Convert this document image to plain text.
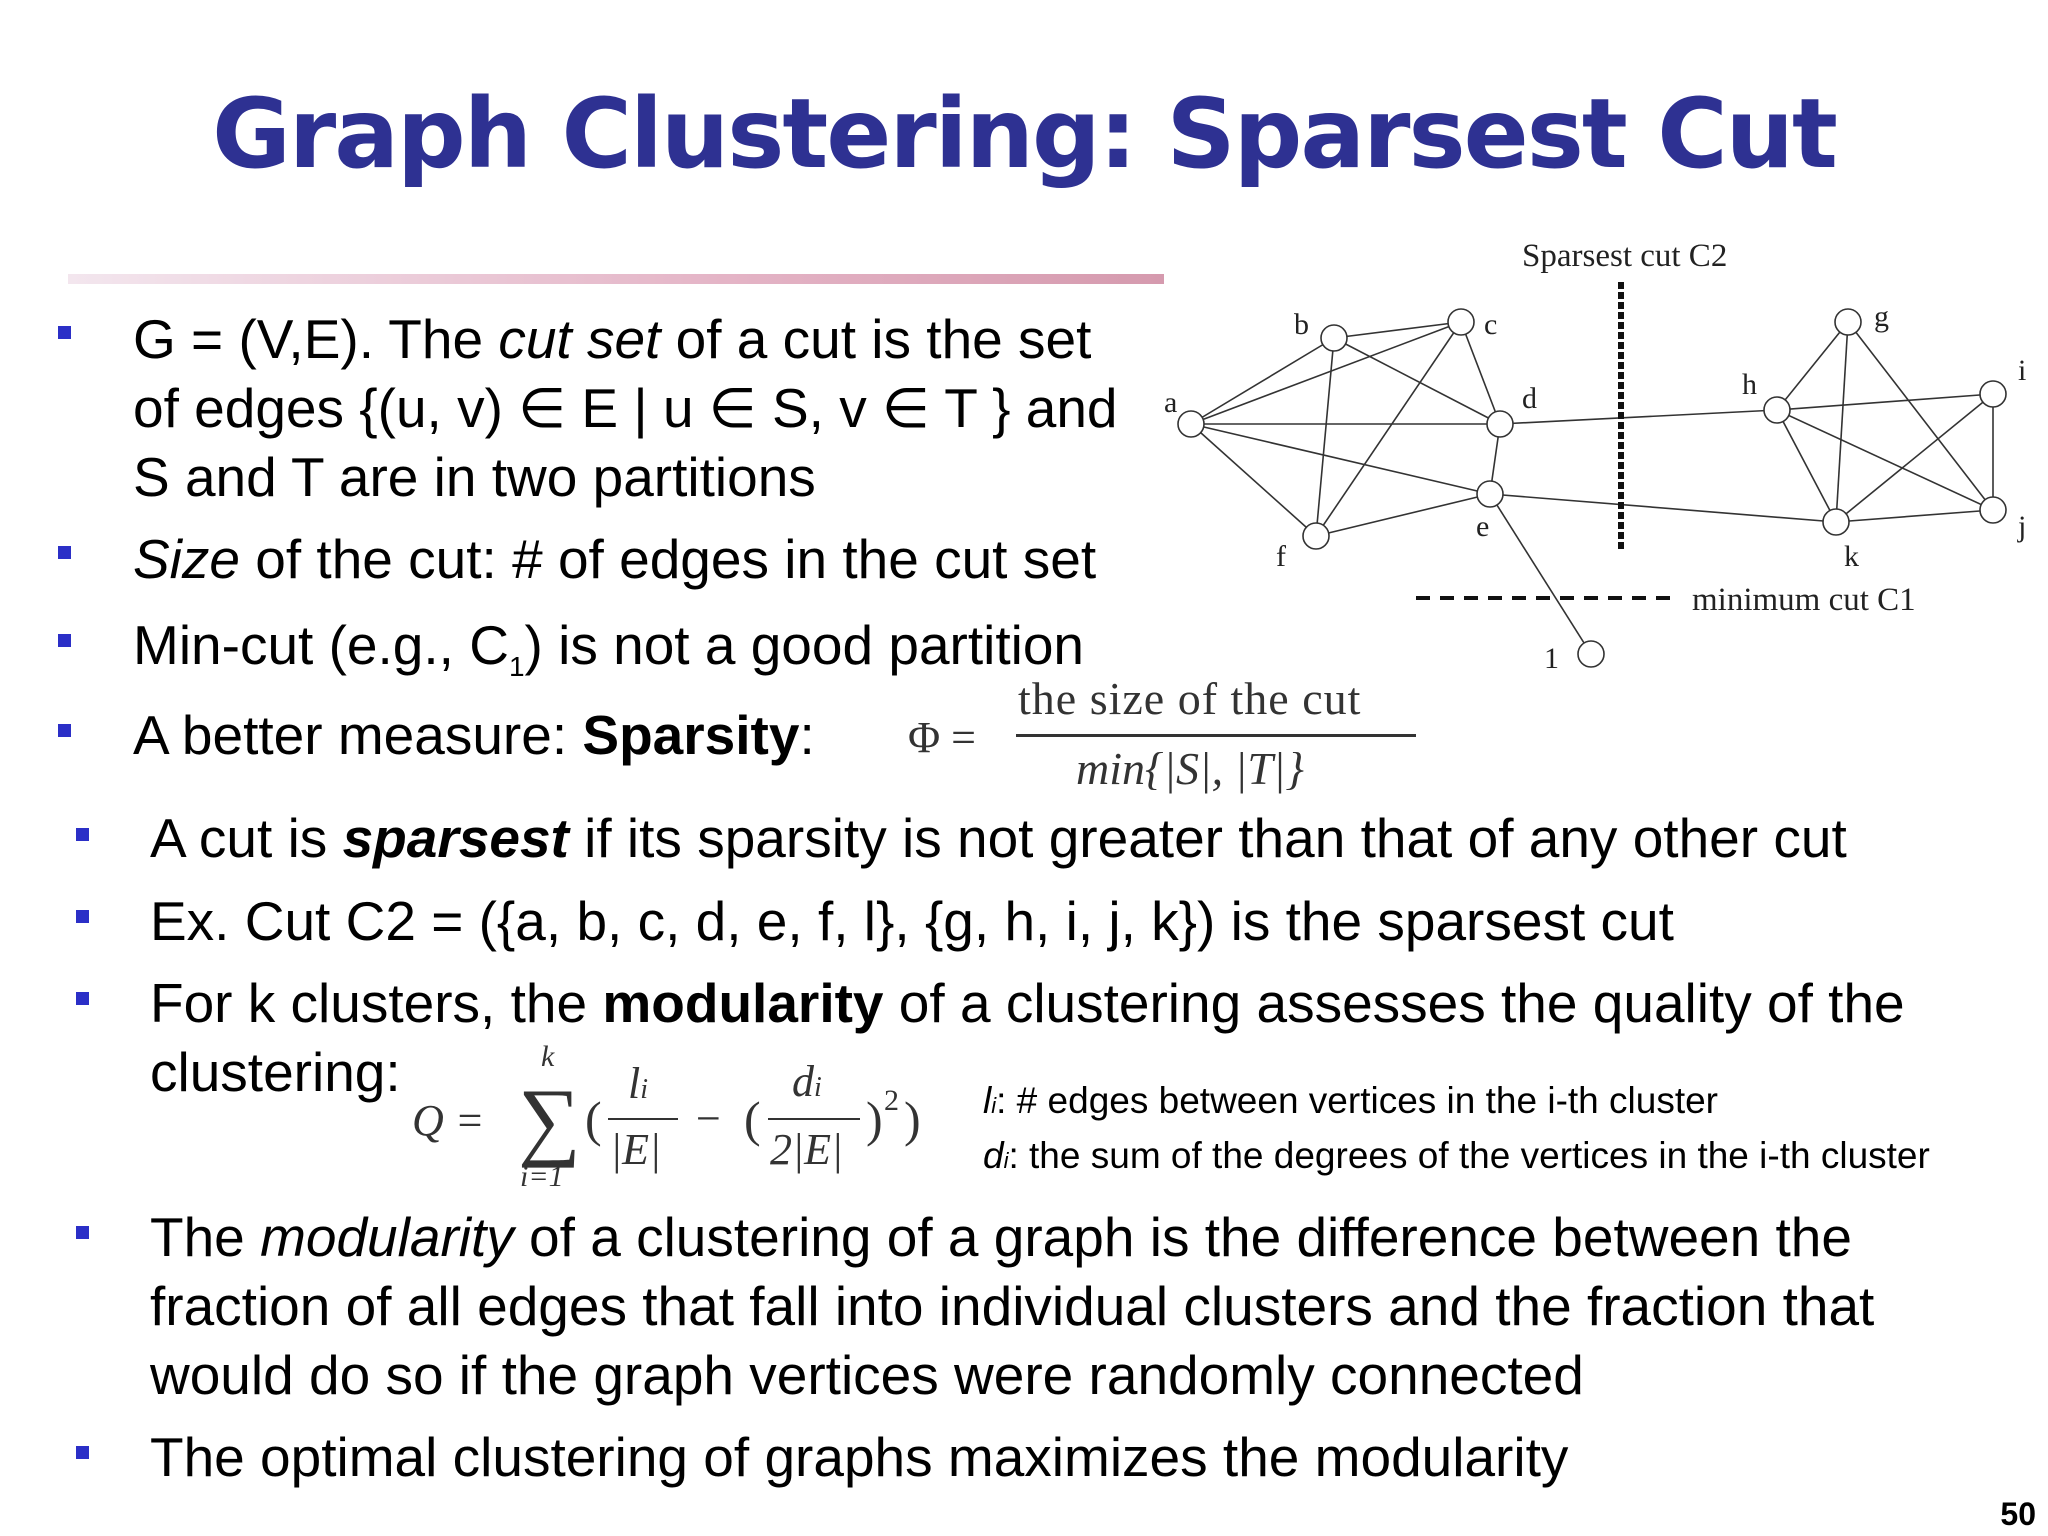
Graph Clustering: Sparsest Cut
G = (V,E). The cut set of a cut is the set
of edges {(u, v) ∈ E | u ∈ S, v ∈ T } and
S and T are in two partitions
Size of the cut: # of edges in the cut set
Min-cut (e.g., $C_1$) is not a good partition
A better measure: Sparsity: Φ =
the size of the cut
min{|S|, |T|}
A cut is sparsest if its sparsity is not greater than that of any other cut
Ex. Cut C2 = ({a, b, c, d, e, f, l}, {g, h, i, j, k}) is the sparsest cut
For k clusters, the modularity of a clustering assesses the quality of the
clustering:
Q =
k
∑
i=1
(
li
|E|
− (
di
2|E|
) 2 ) li: # edges between vertices in the i-th cluster
di: the sum of the degrees of the vertices in the i-th cluster
The modularity of a clustering of a graph is the difference between the
fraction of all edges that fall into individual clusters and the fraction that
would do so if the graph vertices were randomly connected
The optimal clustering of graphs maximizes the modularity
50
a
b	c
d
e
f
g
h	i
j
k
1
Sparsest cut C2
minimum cut C1
